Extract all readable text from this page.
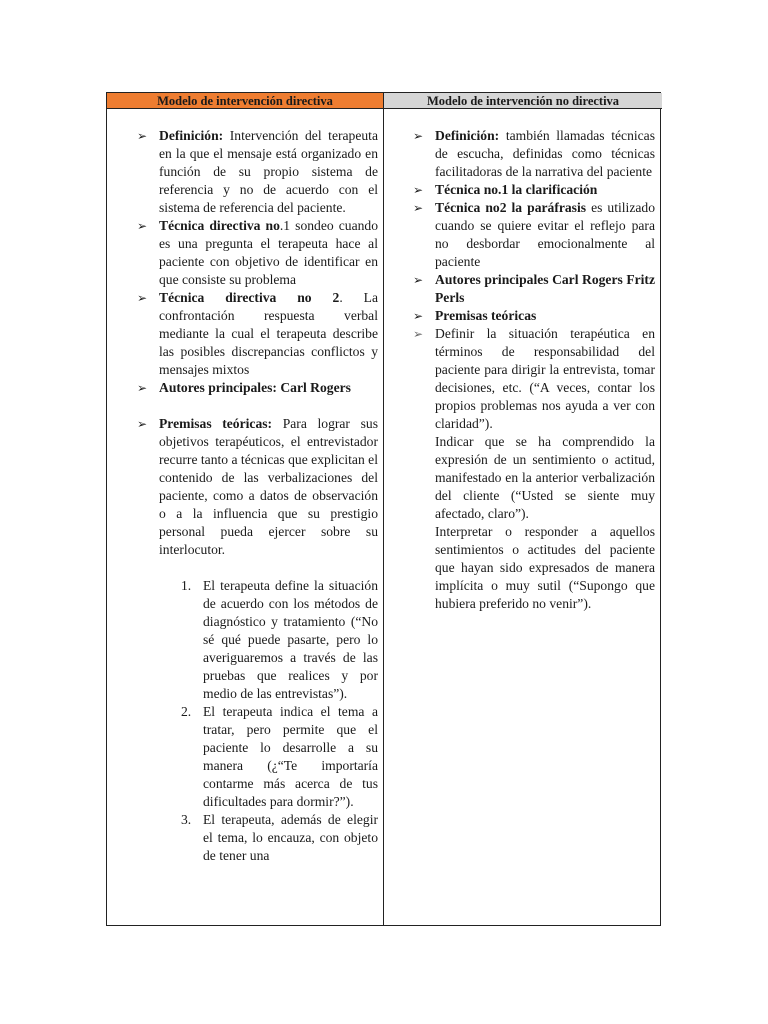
Modelo de intervención directiva	Modelo de intervención no directiva
➢ Definición: Intervención del terapeuta en la que el mensaje está organizado en función de su propio sistema de referencia y no de acuerdo con el sistema de referencia del paciente.
➢ Técnica directiva no.1 sondeo cuando es una pregunta el terapeuta hace al paciente con objetivo de identificar en que consiste su problema
➢ Técnica directiva no 2. La confrontación respuesta verbal mediante la cual el terapeuta describe las posibles discrepancias conflictos y mensajes mixtos
➢ Autores principales: Carl Rogers
➢ Premisas teóricas: Para lograr sus objetivos terapéuticos, el entrevistador recurre tanto a técnicas que explicitan el contenido de las verbalizaciones del paciente, como a datos de observación o a la influencia que su prestigio personal pueda ejercer sobre su interlocutor.
1. El terapeuta define la situación de acuerdo con los métodos de diagnóstico y tratamiento (“No sé qué puede pasarte, pero lo averiguaremos a través de las pruebas que realices y por medio de las entrevistas”).
2. El terapeuta indica el tema a tratar, pero permite que el paciente lo desarrolle a su manera (¿“Te importaría contarme más acerca de tus dificultades para dormir?”).
3. El terapeuta, además de elegir el tema, lo encauza, con objeto de tener una
➢ Definición: también llamadas técnicas de escucha, definidas como técnicas facilitadoras de la narrativa del paciente
➢ Técnica no.1 la clarificación
➢ Técnica no2 la paráfrasis es utilizado cuando se quiere evitar el reflejo para no desbordar emocionalmente al paciente
➢ Autores principales Carl Rogers Fritz Perls
➢ Premisas teóricas
➢ Definir la situación terapéutica en términos de responsabilidad del paciente para dirigir la entrevista, tomar decisiones, etc. (“A veces, contar los propios problemas nos ayuda a ver con claridad”).
Indicar que se ha comprendido la expresión de un sentimiento o actitud, manifestado en la anterior verbalización del cliente (“Usted se siente muy afectado, claro”).
Interpretar o responder a aquellos sentimientos o actitudes del paciente que hayan sido expresados de manera implícita o muy sutil (“Supongo que hubiera preferido no venir”).
